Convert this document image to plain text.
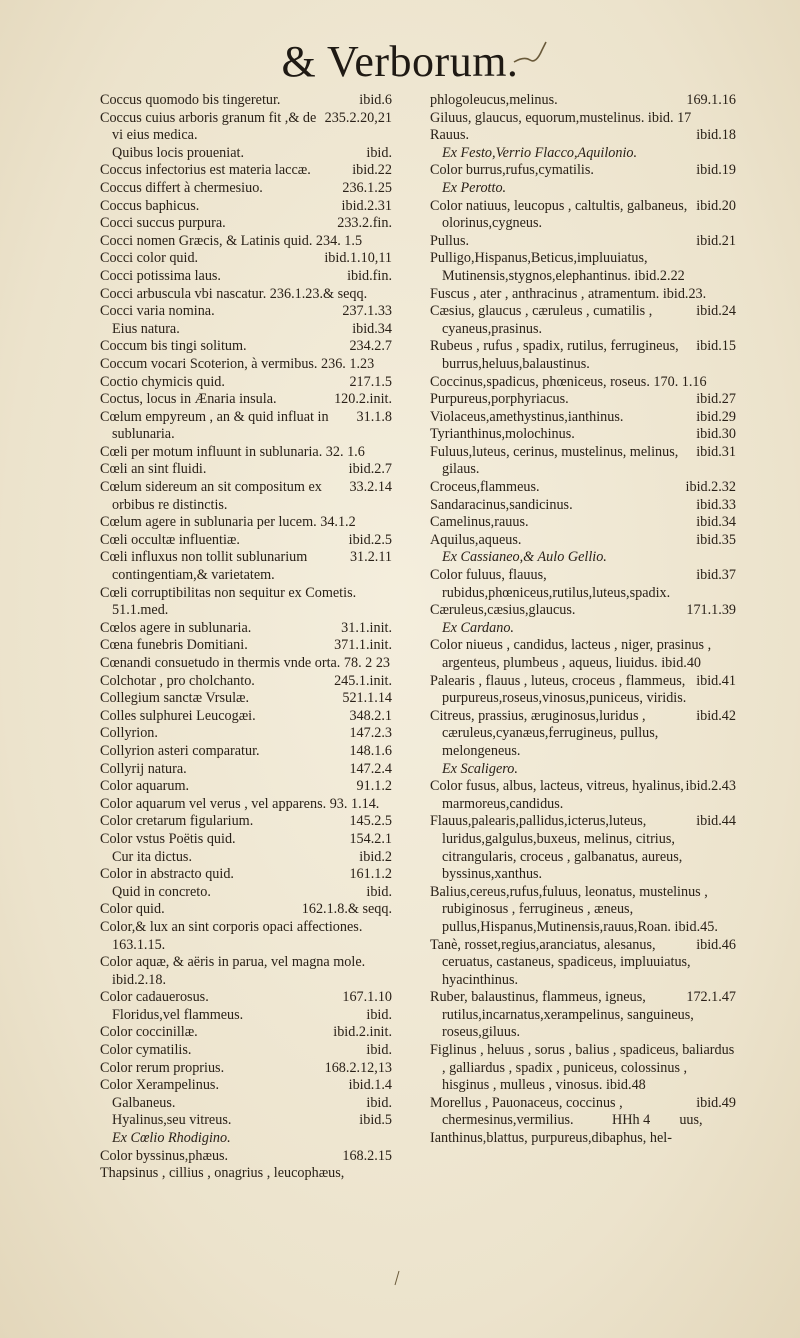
& Verborum.
ibid.6
Coccus quomodo bis tingeretur.
235.2.20,21
Coccus cuius arboris granum fit ,& de vi eius medica.
ibid.
Quibus locis proueniat.
ibid.22
Coccus infectorius est materia laccæ.
236.1.25
Coccus differt à chermesiuo.
ibid.2.31
Coccus baphicus.
233.2.fin.
Cocci succus purpura.
Cocci nomen Græcis, & Latinis quid. 234. 1.5
ibid.1.10,11
Cocci color quid.
ibid.fin.
Cocci potissima laus.
Cocci arbuscula vbi nascatur. 236.1.23.& seqq.
237.1.33
Cocci varia nomina.
ibid.34
Eius natura.
234.2.7
Coccum bis tingi solitum.
Coccum vocari Scoterion, à vermibus. 236. 1.23
217.1.5
Coctio chymicis quid.
120.2.init.
Coctus, locus in Ænaria insula.
31.1.8
Cœlum empyreum , an & quid influat in sublunaria.
Cœli per motum influunt in sublunaria. 32. 1.6
ibid.2.7
Cœli an sint fluidi.
33.2.14
Cœlum sidereum an sit compositum ex orbibus re distinctis.
Cœlum agere in sublunaria per lucem. 34.1.2
ibid.2.5
Cœli occultæ influentiæ.
31.2.11
Cœli influxus non tollit sublunarium contingentiam,& varietatem.
Cœli corruptibilitas non sequitur ex Cometis. 51.1.med.
31.1.init.
Cœlos agere in sublunaria.
371.1.init.
Cœna funebris Domitiani.
Cœnandi consuetudo in thermis vnde orta. 78. 2 23
245.1.init.
Colchotar , pro cholchanto.
521.1.14
Collegium sanctæ Vrsulæ.
348.2.1
Colles sulphurei Leucogæi.
147.2.3
Collyrion.
148.1.6
Collyrion asteri comparatur.
147.2.4
Collyrij natura.
91.1.2
Color aquarum.
Color aquarum vel verus , vel apparens. 93. 1.14.
145.2.5
Color cretarum figularium.
154.2.1
Color vstus Poëtis quid.
ibid.2
Cur ita dictus.
161.1.2
Color in abstracto quid.
ibid.
Quid in concreto.
162.1.8.& seqq.
Color quid.
Color,& lux an sint corporis opaci affectiones. 163.1.15.
Color aquæ, & aëris in parua, vel magna mole. ibid.2.18.
167.1.10
Color cadauerosus.
ibid.
Floridus,vel flammeus.
ibid.2.init.
Color coccinillæ.
ibid.
Color cymatilis.
168.2.12,13
Color rerum proprius.
ibid.1.4
Color Xerampelinus.
ibid.
Galbaneus.
ibid.5
Hyalinus,seu vitreus.
Ex Cœlio Rhodigino.
168.2.15
Color byssinus,phæus.
Thapsinus , cillius , onagrius , leucophæus,
169.1.16
phlogoleucus,melinus.
Giluus, glaucus, equorum,mustelinus. ibid. 17
ibid.18
Rauus.
Ex Festo,Verrio Flacco,Aquilonio.
ibid.19
Color burrus,rufus,cymatilis.
Ex Perotto.
ibid.20
Color natiuus, leucopus , caltultis, galbaneus, olorinus,cygneus.
ibid.21
Pullus.
Pulligo,Hispanus,Beticus,impluuiatus, Mutinensis,stygnos,elephantinus. ibid.2.22
Fuscus , ater , anthracinus , atramentum. ibid.23.
ibid.24
Cæsius, glaucus , cæruleus , cumatilis , cyaneus,prasinus.
ibid.15
Rubeus , rufus , spadix, rutilus, ferrugineus, burrus,heluus,balaustinus.
Coccinus,spadicus, phœniceus, roseus. 170. 1.16
ibid.27
Purpureus,porphyriacus.
ibid.29
Violaceus,amethystinus,ianthinus.
ibid.30
Tyrianthinus,molochinus.
ibid.31
Fuluus,luteus, cerinus, mustelinus, melinus, gilaus.
ibid.2.32
Croceus,flammeus.
ibid.33
Sandaracinus,sandicinus.
ibid.34
Camelinus,rauus.
ibid.35
Aquilus,aqueus.
Ex Cassianeo,& Aulo Gellio.
ibid.37
Color fuluus, flauus, rubidus,phœniceus,rutilus,luteus,spadix.
171.1.39
Cæruleus,cæsius,glaucus.
Ex Cardano.
Color niueus , candidus, lacteus , niger, prasinus , argenteus, plumbeus , aqueus, liuidus. ibid.40
ibid.41
Palearis , flauus , luteus, croceus , flammeus, purpureus,roseus,vinosus,puniceus, viridis.
ibid.42
Citreus, prassius, æruginosus,luridus , cæruleus,cyanæus,ferrugineus, pullus, melongeneus.
Ex Scaligero.
ibid.2.43
Color fusus, albus, lacteus, vitreus, hyalinus, marmoreus,candidus.
ibid.44
Flauus,palearis,pallidus,icterus,luteus, luridus,galgulus,buxeus, melinus, citrius, citrangularis, croceus , galbanatus, aureus, byssinus,xanthus.
Balius,cereus,rufus,fuluus, leonatus, mustelinus , rubiginosus , ferrugineus , æneus, pullus,Hispanus,Mutinensis,rauus,Roan. ibid.45.
ibid.46
Tanè, rosset,regius,aranciatus, alesanus, ceruatus, castaneus, spadiceus, impluuiatus, hyacinthinus.
172.1.47
Ruber, balaustinus, flammeus, igneus, rutilus,incarnatus,xerampelinus, sanguineus, roseus,giluus.
Figlinus , heluus , sorus , balius , spadiceus, baliardus , galliardus , spadix , puniceus, colossinus , hisginus , mulleus , vinosus. ibid.48
ibid.49
Morellus , Pauonaceus, coccinus , chermesinus,vermilius.
Ianthinus,blattus, purpureus,dibaphus, hel-
HHh 4 uus,
